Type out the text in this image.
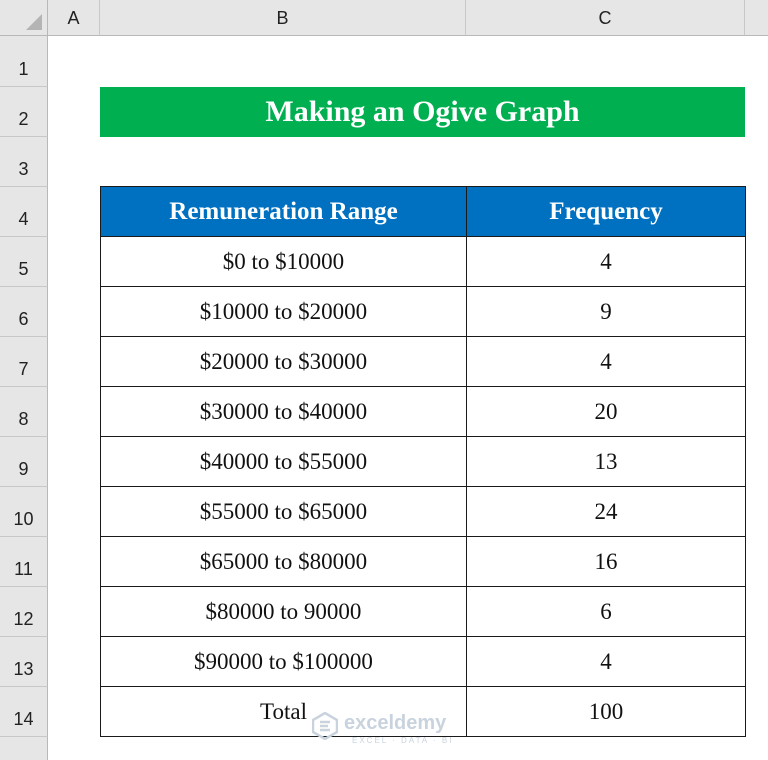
A	B	C
1
2
3
4
5
6
7
8
9
10
11
12
13
14
Making an Ogive Graph
Remuneration Range	Frequency
$0 to $10000	4
$10000 to $20000	9
$20000 to $30000	4
$30000 to $40000	20
$40000 to $55000	13
$55000 to $65000	24
$65000 to $80000	16
$80000 to 90000	6
$90000 to $100000	4
Total	100
exceldemy
EXCEL · DATA · BI
